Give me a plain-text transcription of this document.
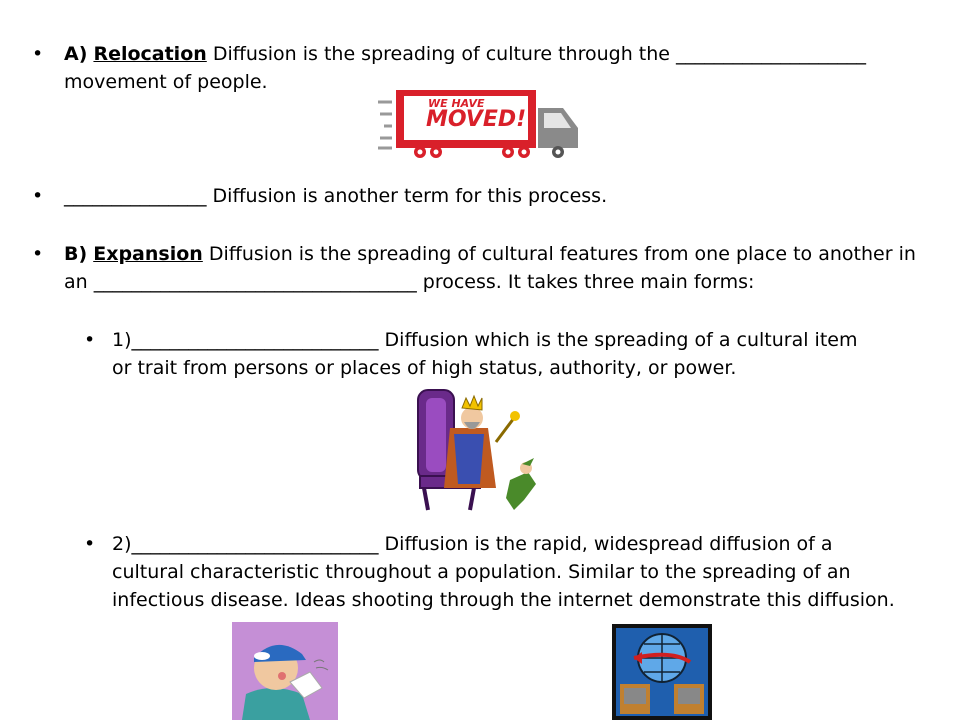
• A) Relocation Diffusion is the spreading of culture through the ____________________
movement of people.
WE HAVE
MOVED!
• _______________ Diffusion is another term for this process.
• B) Expansion Diffusion is the spreading of cultural features from one place to another in
an __________________________________ process. It takes three main forms:
• 1)__________________________ Diffusion which is the spreading of a cultural item
or trait from persons or places of high status, authority, or power.
• 2)__________________________ Diffusion is the rapid, widespread diffusion of a
cultural characteristic throughout a population. Similar to the spreading of an
infectious disease. Ideas shooting through the internet demonstrate this diffusion.
